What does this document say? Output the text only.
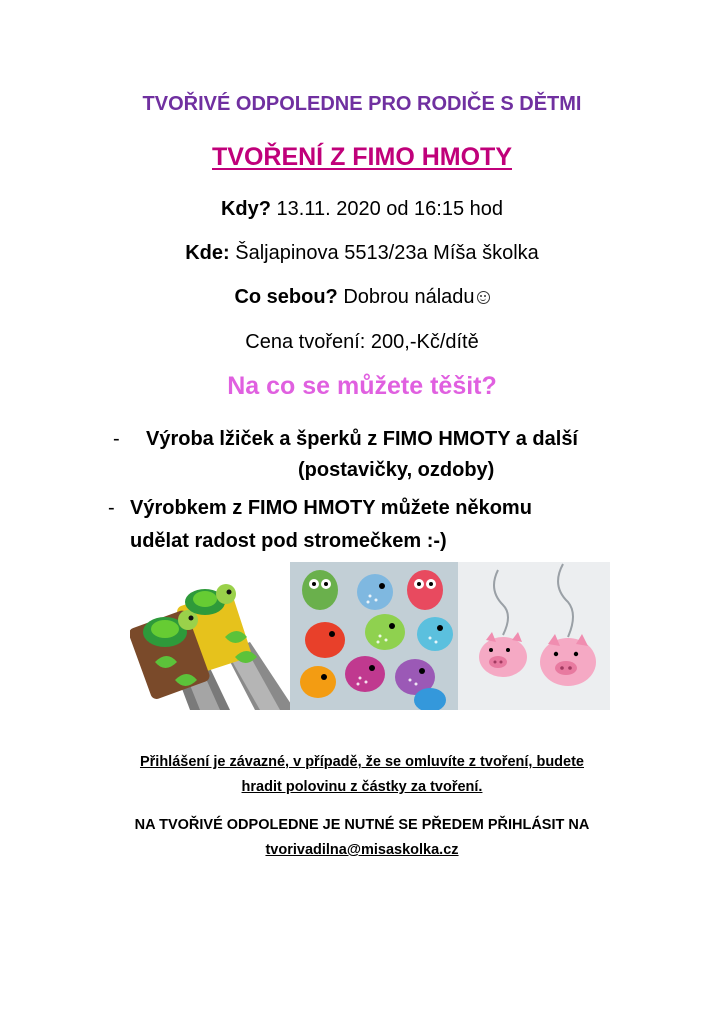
TVOŘIVÉ ODPOLEDNE PRO RODIČE S DĚTMI
TVOŘENÍ Z FIMO HMOTY
Kdy? 13.11. 2020 od 16:15 hod
Kde: Šaljapinova 5513/23a Míša školka
Co sebou? Dobrou náladu
Cena tvoření: 200,-Kč/dítě
Na co se můžete těšit?
- Výroba lžiček a šperků z FIMO HMOTY a další
(postavičky, ozdoby)
- Výrobkem z FIMO HMOTY můžete někomu
udělat radost pod stromečkem :-)
Přihlášení je závazné, v případě, že se omluvíte z tvoření, budete
hradit polovinu z částky za tvoření.
NA TVOŘIVÉ ODPOLEDNE JE NUTNÉ SE PŘEDEM PŘIHLÁSIT NA
tvorivadilna@misaskolka.cz
